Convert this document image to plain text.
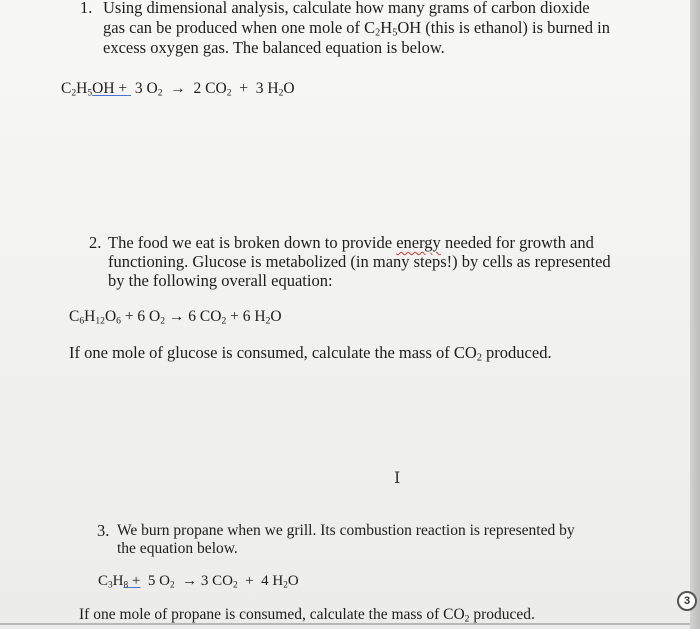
1. Using dimensional analysis, calculate how many grams of carbon dioxide
gas can be produced when one mole of $C_2H_5OH$ (this is ethanol) is burned in
excess oxygen gas. The balanced equation is below.
$C_2H_5OH + 3$ $O_2 \to 2$ $CO_2 + 3$ $H_2O$
2. The food we eat is broken down to provide energy needed for growth and
functioning. Glucose is metabolized (in many steps!) by cells as represented
by the following overall equation:
$C_6H_{12}O_6 + 6$ $O_2 \to 6$ $CO_2 + 6$ $H_2O$
If one mole of glucose is consumed, calculate the mass of $CO_2$ produced.
I
3. We burn propane when we grill. Its combustion reaction is represented by
the equation below.
$C_3H_8 + 5$ $O_2 \to 3$ $CO_2 + 4$ $H_2O$
If one mole of propane is consumed, calculate the mass of $CO_2$ produced.
3
